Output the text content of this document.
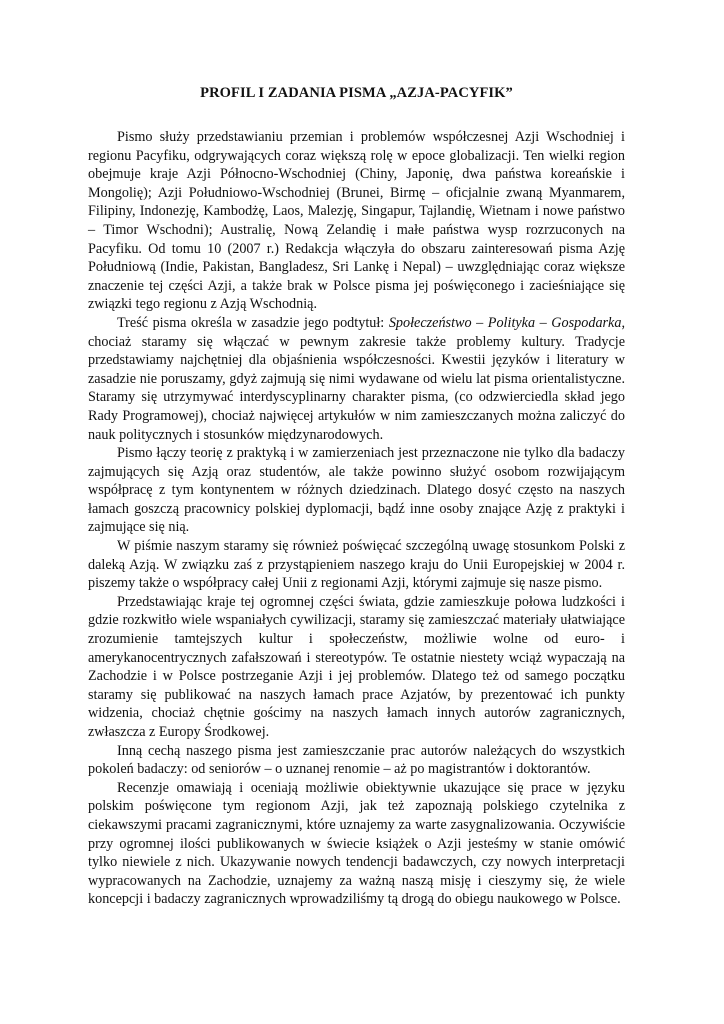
PROFIL I ZADANIA PISMA „AZJA-PACYFIK”

Pismo służy przedstawianiu przemian i problemów współczesnej Azji Wschodniej i regionu Pacyfiku, odgrywających coraz większą rolę w epoce globalizacji. Ten wielki region obejmuje kraje Azji Północno-Wschodniej (Chiny, Japonię, dwa państwa koreańskie i Mongolię); Azji Południowo-Wschodniej (Brunei, Birmę – oficjalnie zwaną Myanmarem, Filipiny, Indonezję, Kambodżę, Laos, Malezję, Singapur, Tajlandię, Wietnam i nowe państwo – Timor Wschodni); Australię, Nową Zelandię i małe państwa wysp rozrzuconych na Pacyfiku. Od tomu 10 (2007 r.) Redakcja włączyła do obszaru zainteresowań pisma Azję Południową (Indie, Pakistan, Bangladesz, Sri Lankę i Nepal) – uwzględniając coraz większe znaczenie tej części Azji, a także brak w Polsce pisma jej poświęconego i zacieśniające się związki tego regionu z Azją Wschodnią.

Treść pisma określa w zasadzie jego podtytuł: Społeczeństwo – Polityka – Gospodarka, chociaż staramy się włączać w pewnym zakresie także problemy kultury. Tradycje przedstawiamy najchętniej dla objaśnienia współczesności. Kwestii języków i literatury w zasadzie nie poruszamy, gdyż zajmują się nimi wydawane od wielu lat pisma orientalistyczne. Staramy się utrzymywać interdyscyplinarny charakter pisma, (co odzwierciedla skład jego Rady Programowej), chociaż najwięcej artykułów w nim zamieszczanych można zaliczyć do nauk politycznych i stosunków międzynarodowych.

Pismo łączy teorię z praktyką i w zamierzeniach jest przeznaczone nie tylko dla badaczy zajmujących się Azją oraz studentów, ale także powinno służyć osobom rozwijającym współpracę z tym kontynentem w różnych dziedzinach. Dlatego dosyć często na naszych łamach goszczą pracownicy polskiej dyplomacji, bądź inne osoby znające Azję z praktyki i zajmujące się nią.

W piśmie naszym staramy się również poświęcać szczególną uwagę stosunkom Polski z daleką Azją. W związku zaś z przystąpieniem naszego kraju do Unii Europejskiej w 2004 r. piszemy także o współpracy całej Unii z regionami Azji, którymi zajmuje się nasze pismo.

Przedstawiając kraje tej ogromnej części świata, gdzie zamieszkuje połowa ludzkości i gdzie rozkwitło wiele wspaniałych cywilizacji, staramy się zamieszczać materiały ułatwiające zrozumienie tamtejszych kultur i społeczeństw, możliwie wolne od euro- i amerykanocentrycznych zafałszowań i stereotypów. Te ostatnie niestety wciąż wypaczają na Zachodzie i w Polsce postrzeganie Azji i jej problemów. Dlatego też od samego początku staramy się publikować na naszych łamach prace Azjatów, by prezentować ich punkty widzenia, chociaż chętnie gościmy na naszych łamach innych autorów zagranicznych, zwłaszcza z Europy Środkowej.

Inną cechą naszego pisma jest zamieszczanie prac autorów należących do wszystkich pokoleń badaczy: od seniorów – o uznanej renomie – aż po magistrantów i doktorantów.

Recenzje omawiają i oceniają możliwie obiektywnie ukazujące się prace w języku polskim poświęcone tym regionom Azji, jak też zapoznają polskiego czytelnika z ciekawszymi pracami zagranicznymi, które uznajemy za warte zasygnalizowania. Oczywiście przy ogromnej ilości publikowanych w świecie książek o Azji jesteśmy w stanie omówić tylko niewiele z nich. Ukazywanie nowych tendencji badawczych, czy nowych interpretacji wypracowanych na Zachodzie, uznajemy za ważną naszą misję i cieszymy się, że wiele koncepcji i badaczy zagranicznych wprowadziliśmy tą drogą do obiegu naukowego w Polsce.
